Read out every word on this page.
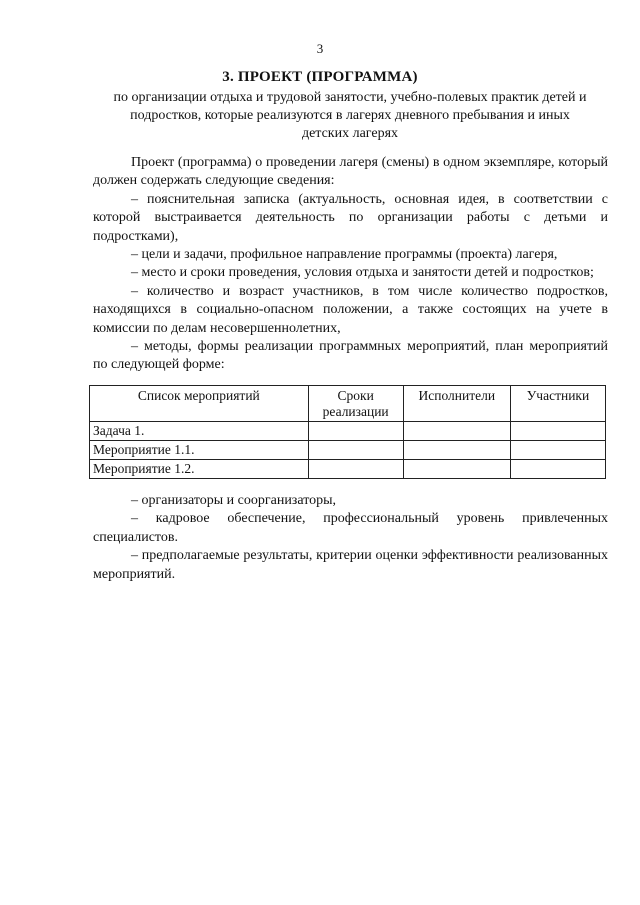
3
3. ПРОЕКТ (ПРОГРАММА)
по организации отдыха и трудовой занятости, учебно-полевых практик детей и
подростков, которые реализуются в лагерях дневного пребывания и иных
детских лагерях

Проект (программа) о проведении лагеря (смены) в одном экземпляре, который должен содержать следующие сведения:

– пояснительная записка (актуальность, основная идея, в соответствии с которой выстраивается деятельность по организации работы с детьми и подростками),

– цели и задачи, профильное направление программы (проекта) лагеря,

– место и сроки проведения, условия отдыха и занятости детей и подростков;

– количество и возраст участников, в том числе количество подростков, находящихся в социально-опасном положении, а также состоящих на учете в комиссии по делам несовершеннолетних,

– методы, формы реализации программных мероприятий, план мероприятий по следующей форме:

Список мероприятий	Сроки реализации	Исполнители	Участники
Задача 1.			
Мероприятие 1.1.			
Мероприятие 1.2.			

– организаторы и соорганизаторы,

– кадровое обеспечение, профессиональный уровень привлеченных специалистов.

– предполагаемые результаты, критерии оценки эффективности реализованных мероприятий.
